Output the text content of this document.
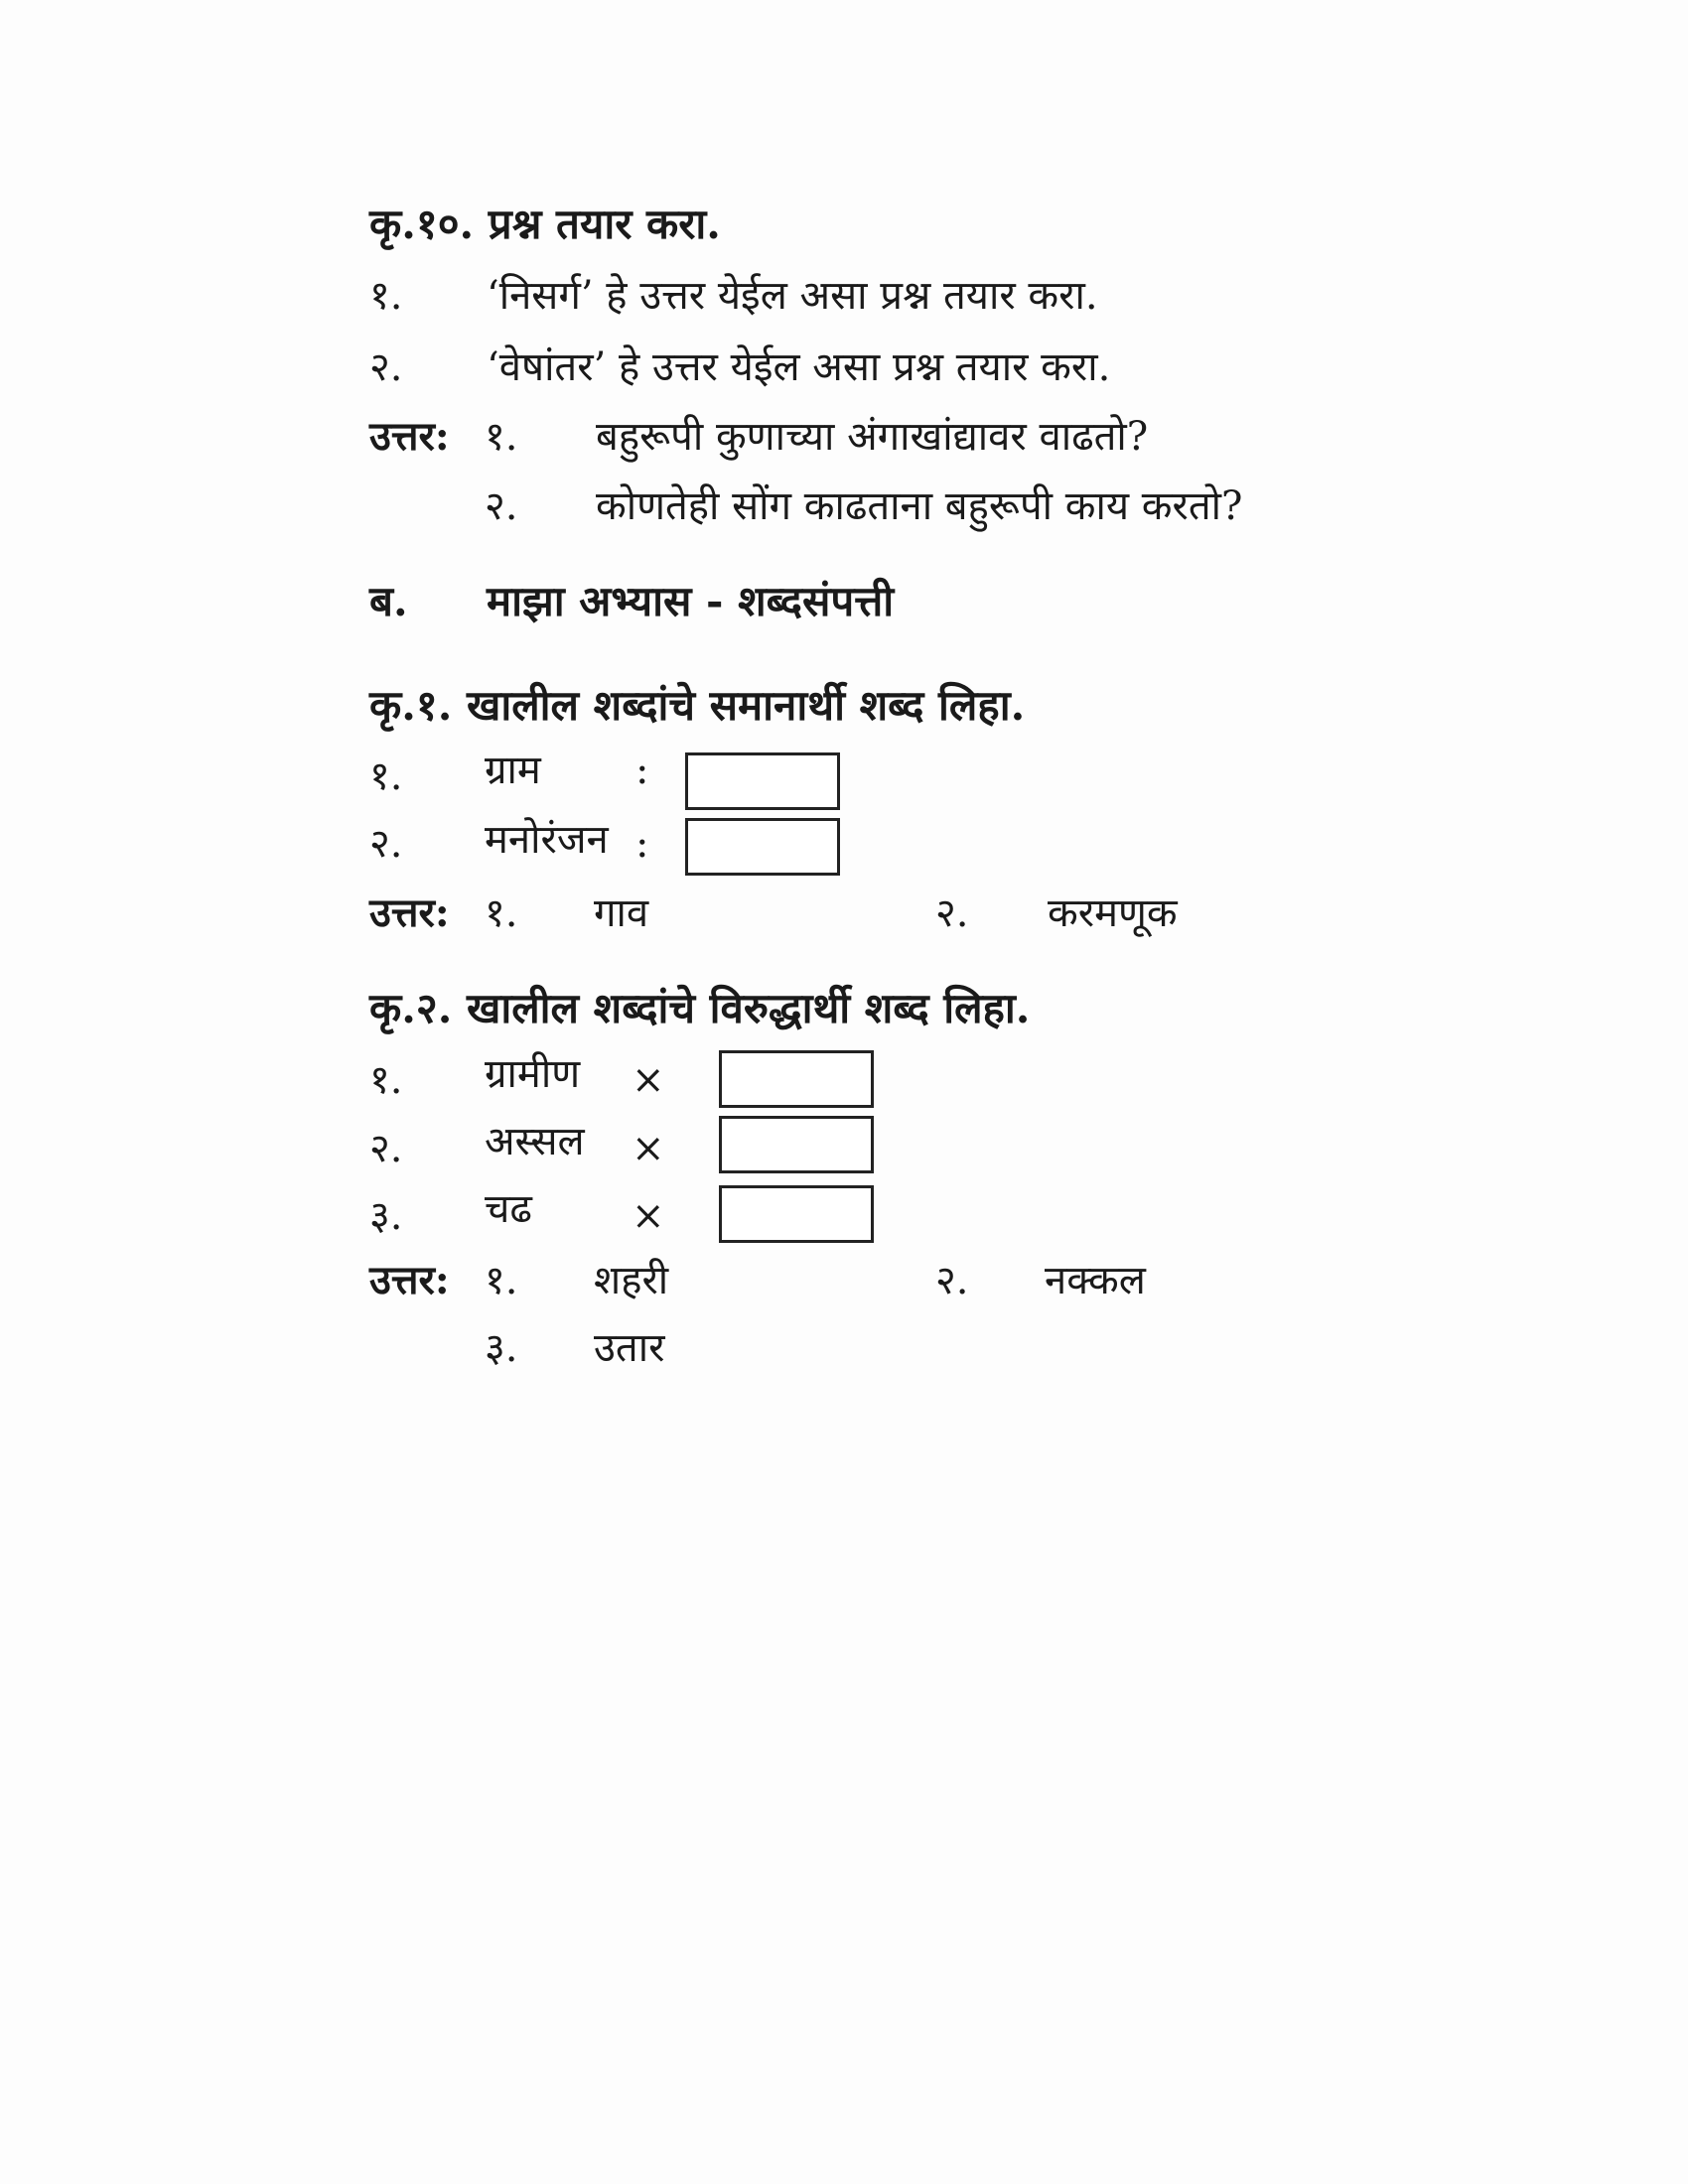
कृ.१०. प्रश्न तयार करा.
१. ‘निसर्ग’ हे उत्तर येईल असा प्रश्न तयार करा.
२. ‘वेषांतर’ हे उत्तर येईल असा प्रश्न तयार करा.
उत्तर: १. बहुरूपी कुणाच्या अंगाखांद्यावर वाढतो?
२. कोणतेही सोंग काढताना बहुरूपी काय करतो?
ब. माझा अभ्यास - शब्दसंपत्ती
कृ.१. खालील शब्दांचे समानार्थी शब्द लिहा.
१. ग्राम :
२. मनोरंजन :
उत्तर: १. गाव	२. करमणूक
कृ.२. खालील शब्दांचे विरुद्धार्थी शब्द लिहा.
१. ग्रामीण ×
२. अस्सल ×
३. चढ	×
उत्तर: १. शहरी	२. नक्कल
३. उतार
